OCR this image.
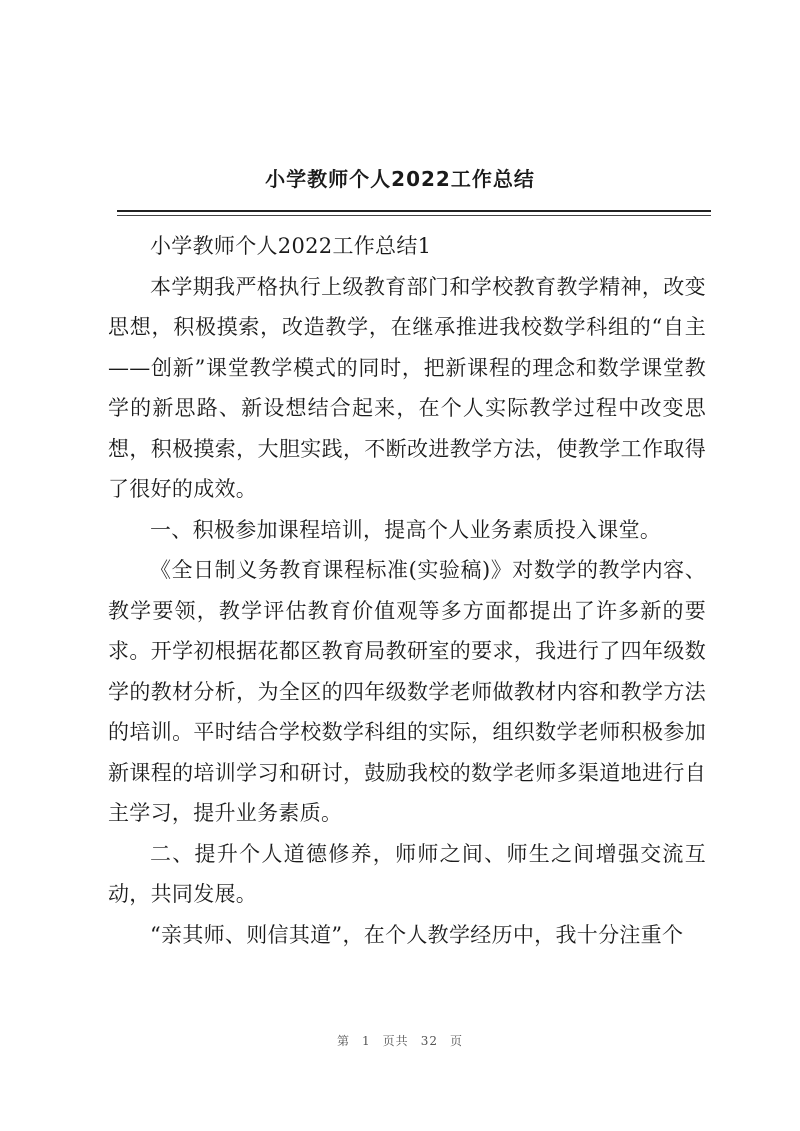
小学教师个人2022工作总结

小学教师个人2022工作总结1

本学期我严格执行上级教育部门和学校教育教学精神，改变思想，积极摸索，改造教学，在继承推进我校数学科组的“自主——创新”课堂教学模式的同时，把新课程的理念和数学课堂教学的新思路、新设想结合起来，在个人实际教学过程中改变思想，积极摸索，大胆实践，不断改进教学方法，使教学工作取得了很好的成效。

一、积极参加课程培训，提高个人业务素质投入课堂。

《全日制义务教育课程标准(实验稿)》对数学的教学内容、教学要领，教学评估教育价值观等多方面都提出了许多新的要求。开学初根据花都区教育局教研室的要求，我进行了四年级数学的教材分析，为全区的四年级数学老师做教材内容和教学方法的培训。平时结合学校数学科组的实际，组织数学老师积极参加新课程的培训学习和研讨，鼓励我校的数学老师多渠道地进行自主学习，提升业务素质。

二、提升个人道德修养，师师之间、师生之间增强交流互动，共同发展。

“亲其师、则信其道”，在个人教学经历中，我十分注重个

第 1 页共 32 页
